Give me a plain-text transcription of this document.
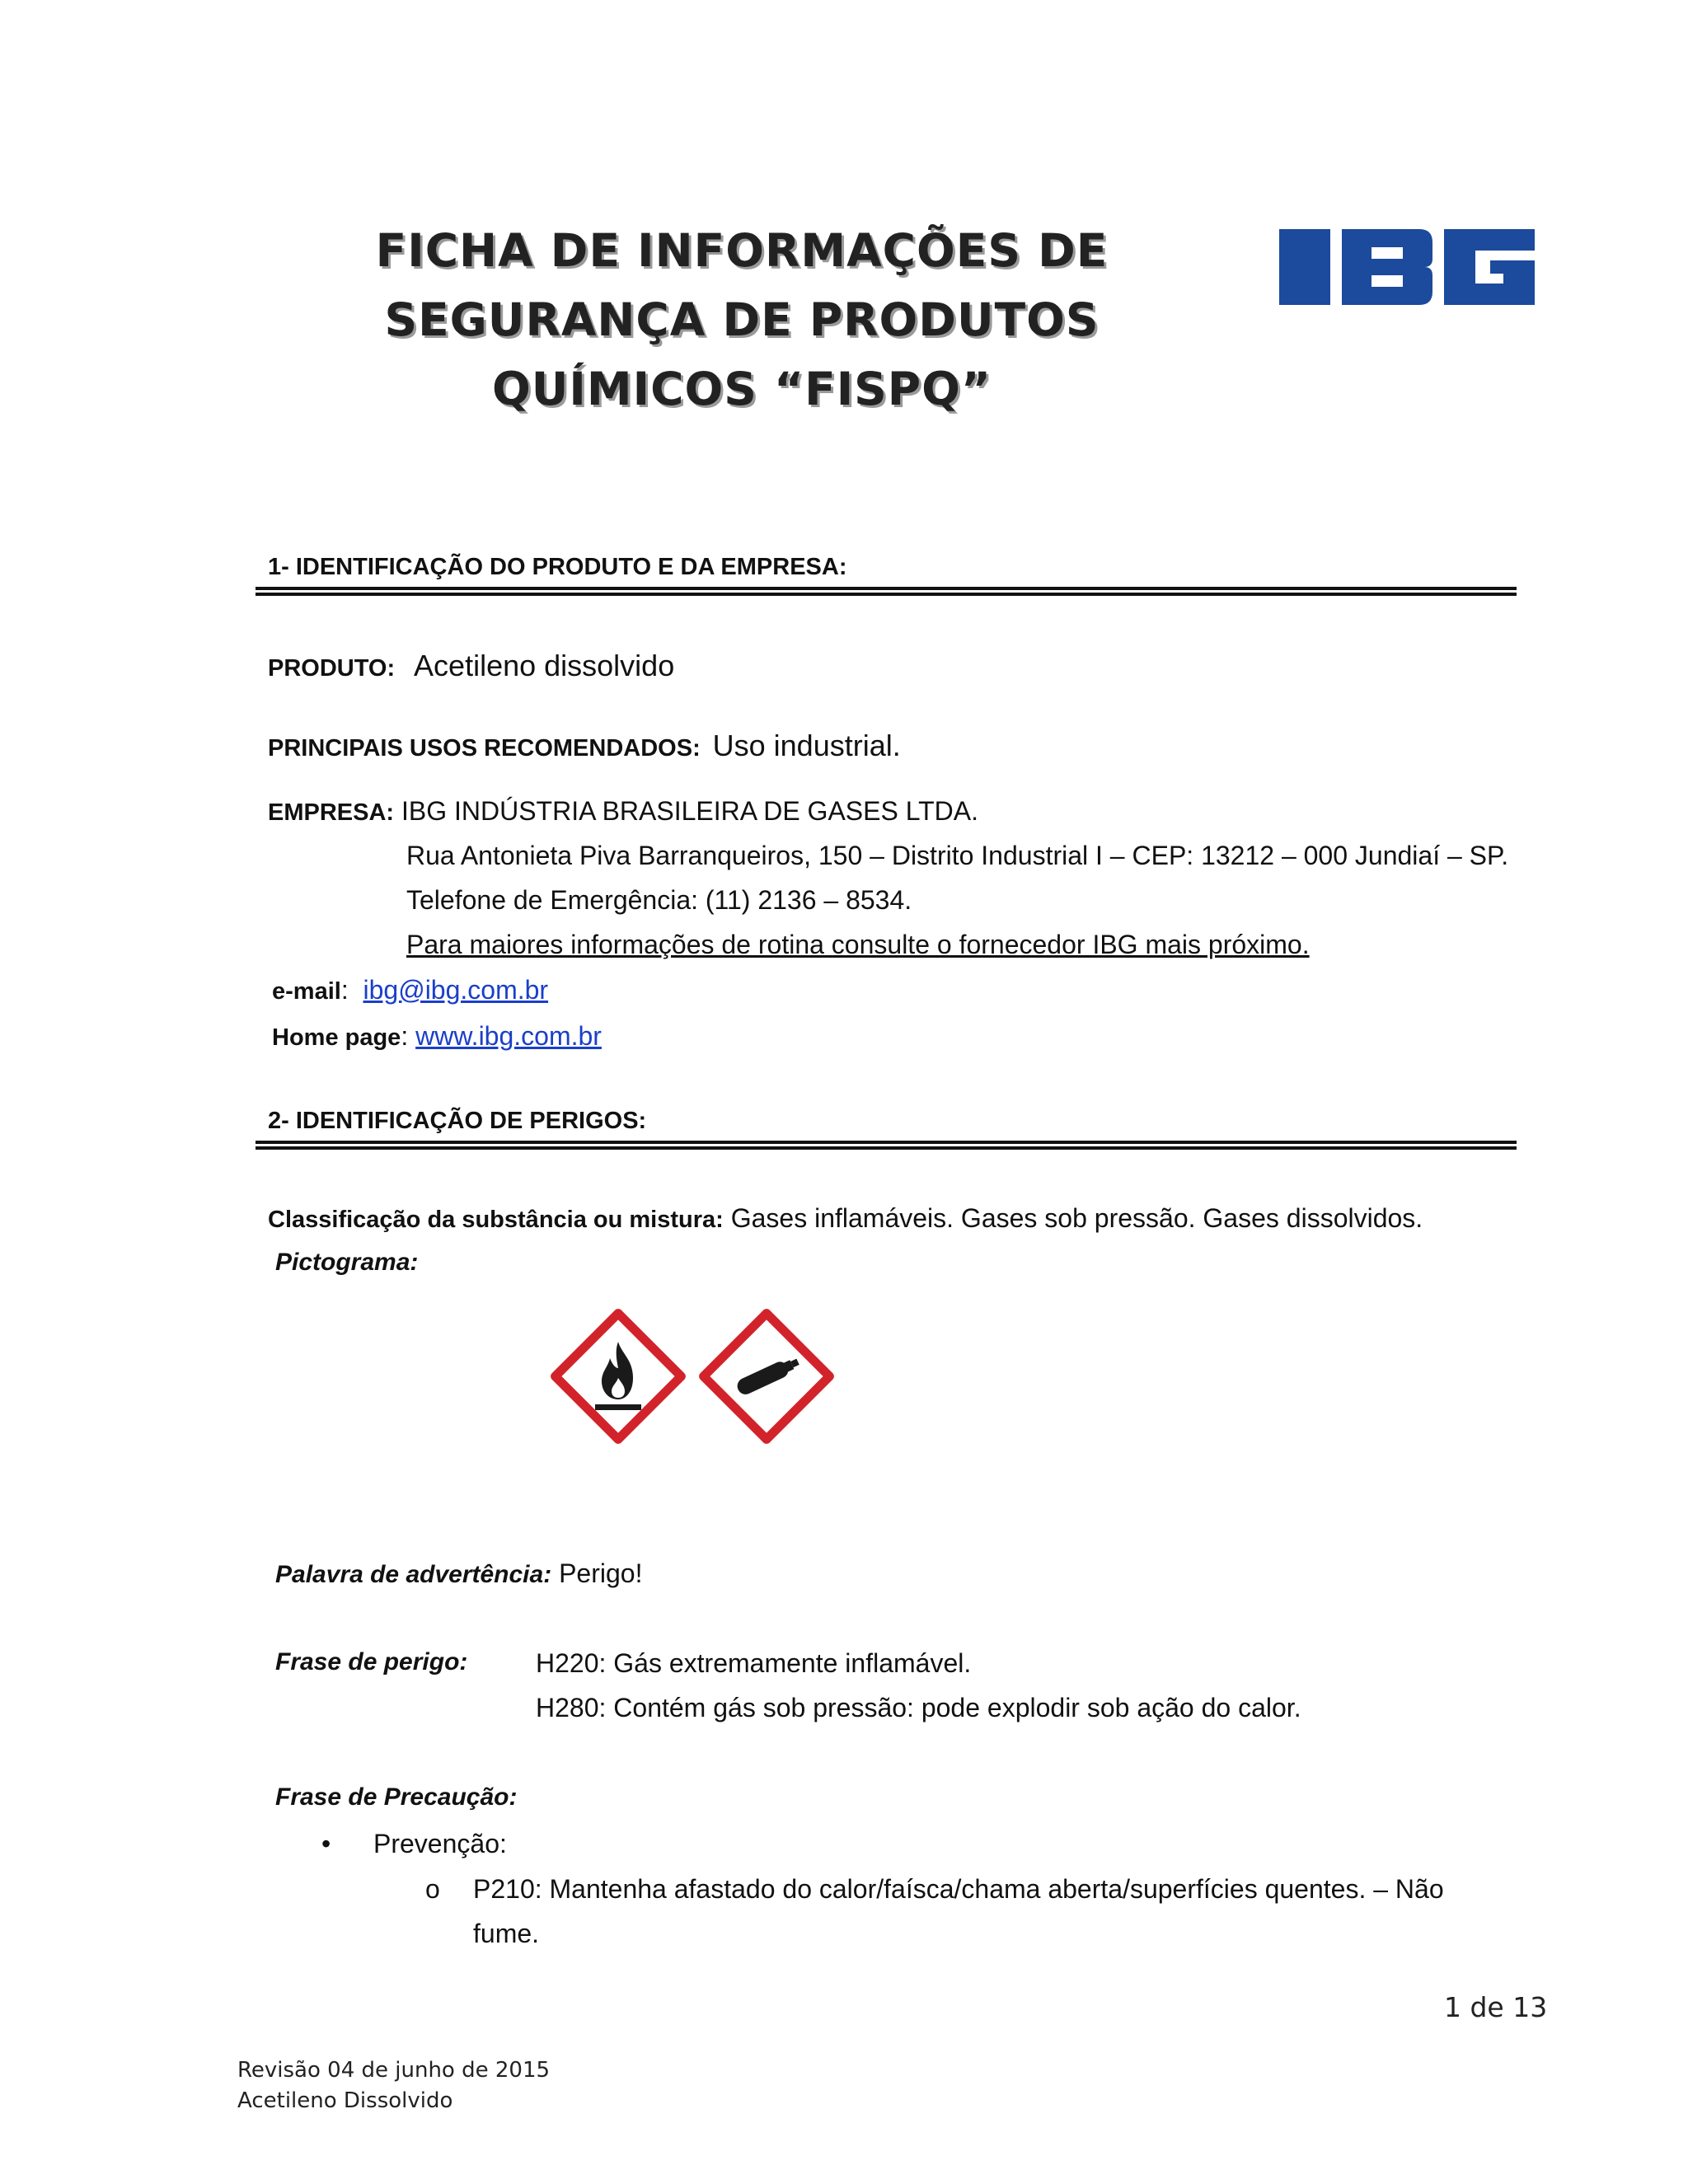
FICHA DE INFORMAÇÕES DE
SEGURANÇA DE PRODUTOS
QUÍMICOS “FISPQ”
1- IDENTIFICAÇÃO DO PRODUTO E DA EMPRESA:
PRODUTO: Acetileno dissolvido
PRINCIPAIS USOS RECOMENDADOS: Uso industrial.
EMPRESA: IBG INDÚSTRIA BRASILEIRA DE GASES LTDA.
Rua Antonieta Piva Barranqueiros, 150 – Distrito Industrial I – CEP: 13212 – 000 Jundiaí – SP.
Telefone de Emergência: (11) 2136 – 8534.
Para maiores informações de rotina consulte o fornecedor IBG mais próximo.
e-mail:  ibg@ibg.com.br
Home page: www.ibg.com.br
2- IDENTIFICAÇÃO DE PERIGOS:
Classificação da substância ou mistura: Gases inflamáveis. Gases sob pressão. Gases dissolvidos.
Pictograma:
Palavra de advertência: Perigo!
Frase de perigo:	H220: Gás extremamente inflamável.
H280: Contém gás sob pressão: pode explodir sob ação do calor.
Frase de Precaução:
• Prevenção:
o P210: Mantenha afastado do calor/faísca/chama aberta/superfícies quentes. – Não
fume.
1 de 13
Revisão 04 de junho de 2015
Acetileno Dissolvido
